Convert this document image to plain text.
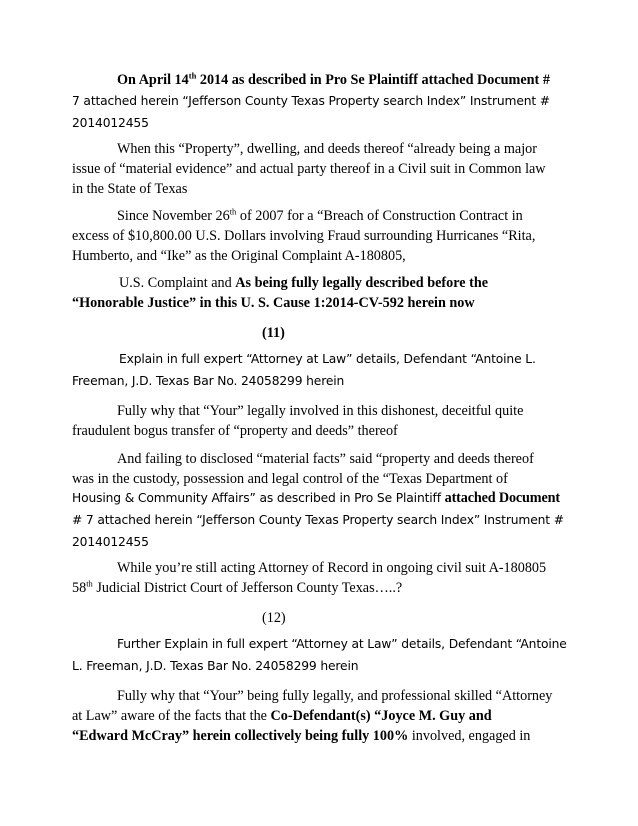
On April 14th 2014 as described in Pro Se Plaintiff attached Document #
7 attached herein “Jefferson County Texas Property search Index” Instrument #
2014012455
When this “Property”, dwelling, and deeds thereof “already being a major
issue of “material evidence” and actual party thereof in a Civil suit in Common law
in the State of Texas
Since November 26th of 2007 for a “Breach of Construction Contract in
excess of $10,800.00 U.S. Dollars involving Fraud surrounding Hurricanes “Rita,
Humberto, and “Ike” as the Original Complaint A-180805,
U.S. Complaint and As being fully legally described before the
“Honorable Justice” in this U. S. Cause 1:2014-CV-592 herein now
(11)
Explain in full expert “Attorney at Law” details, Defendant “Antoine L.
Freeman, J.D. Texas Bar No. 24058299 herein
Fully why that “Your” legally involved in this dishonest, deceitful quite
fraudulent bogus transfer of “property and deeds” thereof
And failing to disclosed “material facts” said “property and deeds thereof
was in the custody, possession and legal control of the “Texas Department of
Housing & Community Affairs” as described in Pro Se Plaintiff attached Document
# 7 attached herein “Jefferson County Texas Property search Index” Instrument #
2014012455
While you’re still acting Attorney of Record in ongoing civil suit A-180805
58th Judicial District Court of Jefferson County Texas…..?
(12)
Further Explain in full expert “Attorney at Law” details, Defendant “Antoine
L. Freeman, J.D. Texas Bar No. 24058299 herein
Fully why that “Your” being fully legally, and professional skilled “Attorney
at Law” aware of the facts that the Co-Defendant(s) “Joyce M. Guy and
“Edward McCray” herein collectively being fully 100% involved, engaged in
